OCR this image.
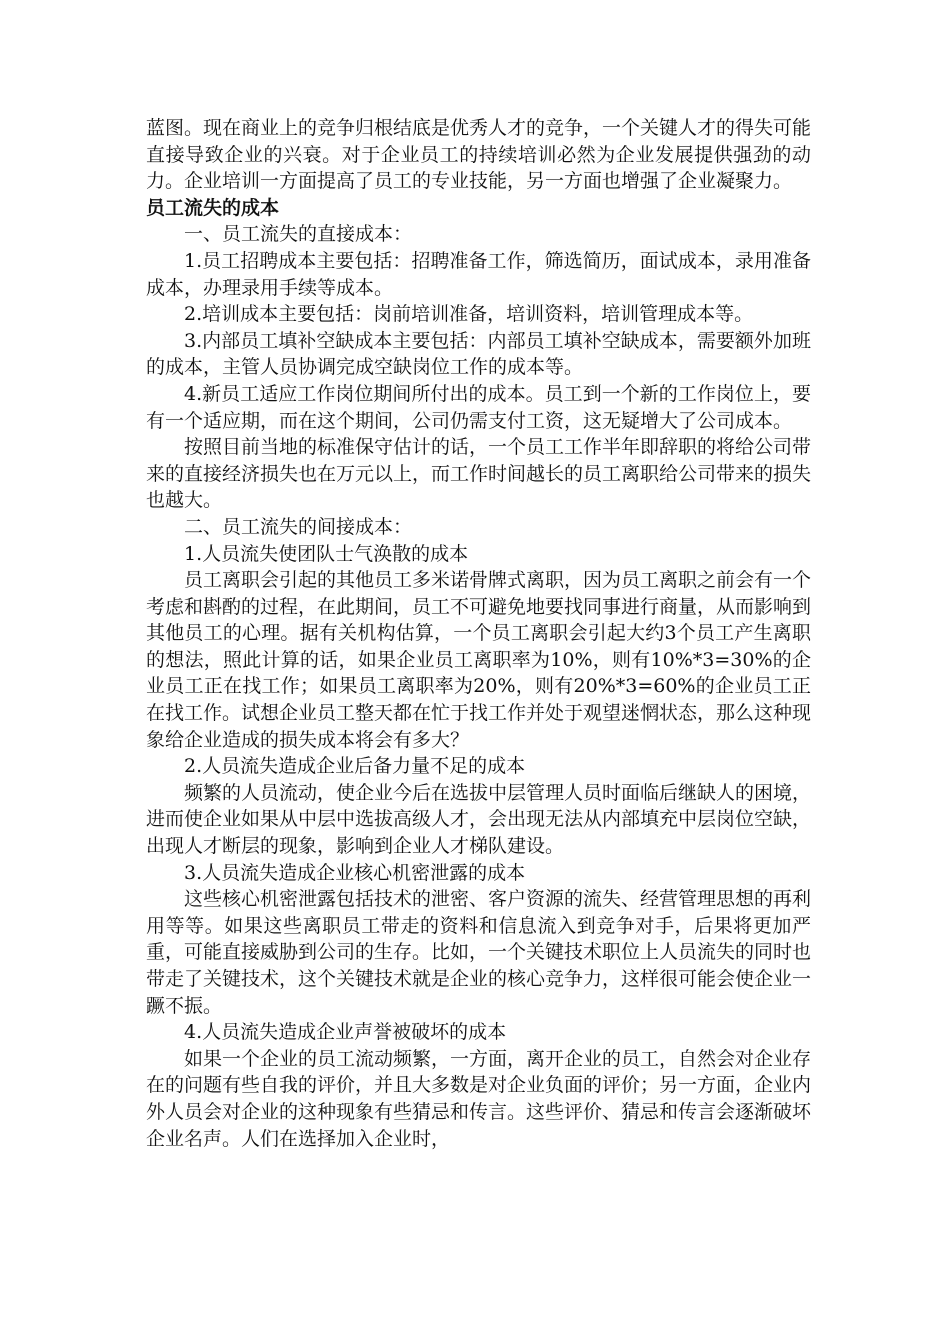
蓝图。现在商业上的竞争归根结底是优秀人才的竞争，一个关键人才的得失可能直接导致企业的兴衰。对于企业员工的持续培训必然为企业发展提供强劲的动力。企业培训一方面提高了员工的专业技能，另一方面也增强了企业凝聚力。

员工流失的成本

一、员工流失的直接成本：

1.员工招聘成本主要包括：招聘准备工作，筛选简历，面试成本，录用准备成本，办理录用手续等成本。

2.培训成本主要包括：岗前培训准备，培训资料，培训管理成本等。

3.内部员工填补空缺成本主要包括：内部员工填补空缺成本，需要额外加班的成本，主管人员协调完成空缺岗位工作的成本等。

4.新员工适应工作岗位期间所付出的成本。员工到一个新的工作岗位上，要有一个适应期，而在这个期间，公司仍需支付工资，这无疑增大了公司成本。

按照目前当地的标准保守估计的话，一个员工工作半年即辞职的将给公司带来的直接经济损失也在万元以上，而工作时间越长的员工离职给公司带来的损失也越大。

二、员工流失的间接成本：

1.人员流失使团队士气涣散的成本

员工离职会引起的其他员工多米诺骨牌式离职，因为员工离职之前会有一个考虑和斟酌的过程，在此期间，员工不可避免地要找同事进行商量，从而影响到其他员工的心理。据有关机构估算，一个员工离职会引起大约3个员工产生离职的想法，照此计算的话，如果企业员工离职率为10%，则有10%*3=30%的企业员工正在找工作；如果员工离职率为20%，则有20%*3=60%的企业员工正在找工作。试想企业员工整天都在忙于找工作并处于观望迷惘状态，那么这种现象给企业造成的损失成本将会有多大？

2.人员流失造成企业后备力量不足的成本

频繁的人员流动，使企业今后在选拔中层管理人员时面临后继缺人的困境，进而使企业如果从中层中选拔高级人才，会出现无法从内部填充中层岗位空缺，出现人才断层的现象，影响到企业人才梯队建设。

3.人员流失造成企业核心机密泄露的成本

这些核心机密泄露包括技术的泄密、客户资源的流失、经营管理思想的再利用等等。如果这些离职员工带走的资料和信息流入到竞争对手，后果将更加严重，可能直接威胁到公司的生存。比如，一个关键技术职位上人员流失的同时也带走了关键技术，这个关键技术就是企业的核心竞争力，这样很可能会使企业一蹶不振。

4.人员流失造成企业声誉被破坏的成本

如果一个企业的员工流动频繁，一方面，离开企业的员工，自然会对企业存在的问题有些自我的评价，并且大多数是对企业负面的评价；另一方面，企业内外人员会对企业的这种现象有些猜忌和传言。这些评价、猜忌和传言会逐渐破坏企业名声。人们在选择加入企业时，
